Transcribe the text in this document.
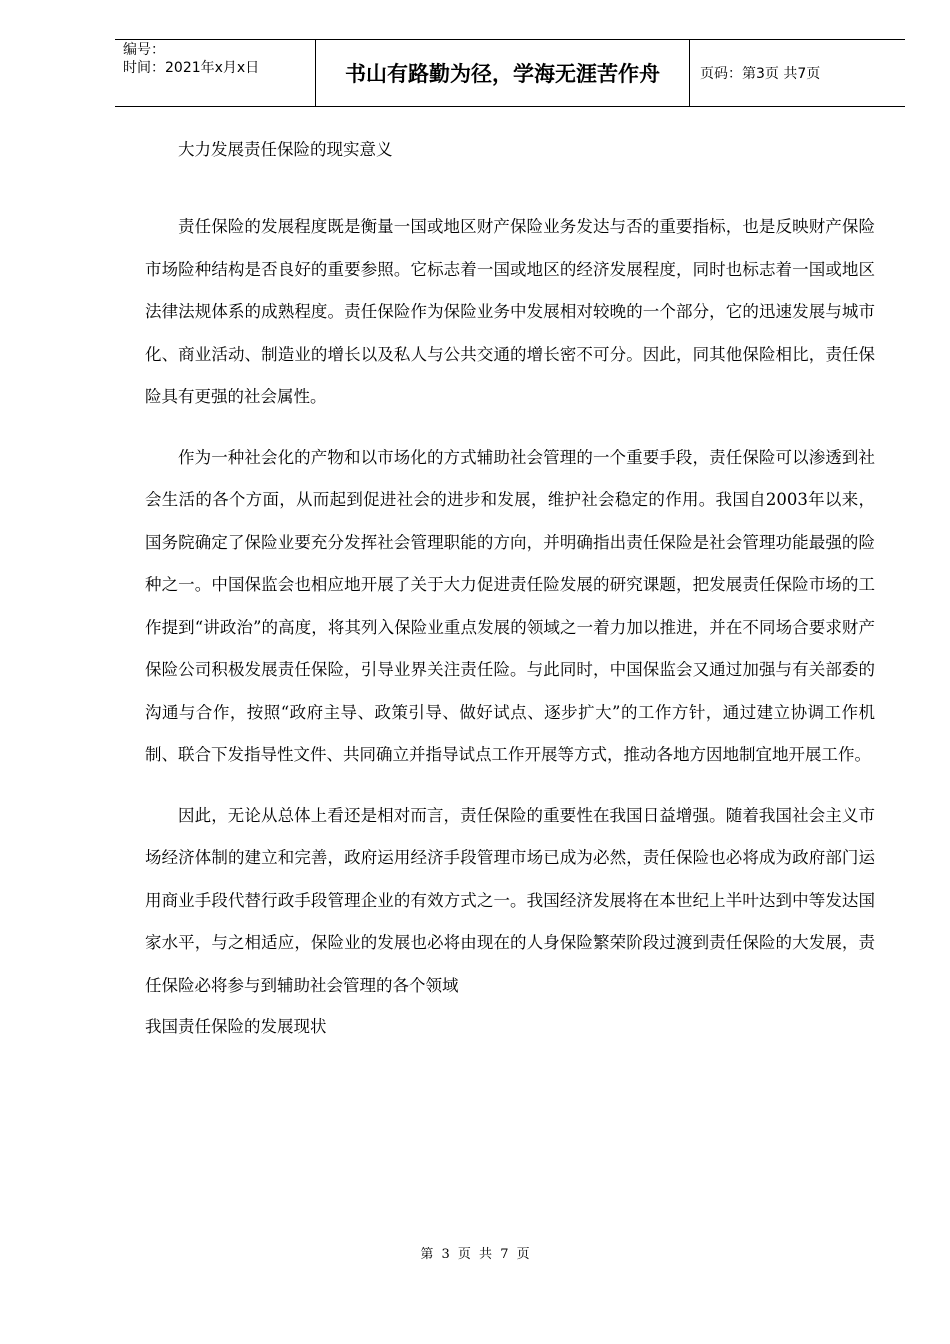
编号：
时间：2021年x月x日	书山有路勤为径，学海无涯苦作舟	页码：第3页 共7页

大力发展责任保险的现实意义

责任保险的发展程度既是衡量一国或地区财产保险业务发达与否的重要指标，也是反映财产保险市场险种结构是否良好的重要参照。它标志着一国或地区的经济发展程度，同时也标志着一国或地区法律法规体系的成熟程度。责任保险作为保险业务中发展相对较晚的一个部分，它的迅速发展与城市化、商业活动、制造业的增长以及私人与公共交通的增长密不可分。因此，同其他保险相比，责任保险具有更强的社会属性。

作为一种社会化的产物和以市场化的方式辅助社会管理的一个重要手段，责任保险可以渗透到社会生活的各个方面，从而起到促进社会的进步和发展，维护社会稳定的作用。我国自2003年以来，国务院确定了保险业要充分发挥社会管理职能的方向，并明确指出责任保险是社会管理功能最强的险种之一。中国保监会也相应地开展了关于大力促进责任险发展的研究课题，把发展责任保险市场的工作提到“讲政治”的高度，将其列入保险业重点发展的领域之一着力加以推进，并在不同场合要求财产保险公司积极发展责任保险，引导业界关注责任险。与此同时，中国保监会又通过加强与有关部委的沟通与合作，按照“政府主导、政策引导、做好试点、逐步扩大”的工作方针，通过建立协调工作机制、联合下发指导性文件、共同确立并指导试点工作开展等方式，推动各地方因地制宜地开展工作。

因此，无论从总体上看还是相对而言，责任保险的重要性在我国日益增强。随着我国社会主义市场经济体制的建立和完善，政府运用经济手段管理市场已成为必然，责任保险也必将成为政府部门运用商业手段代替行政手段管理企业的有效方式之一。我国经济发展将在本世纪上半叶达到中等发达国家水平，与之相适应，保险业的发展也必将由现在的人身保险繁荣阶段过渡到责任保险的大发展，责任保险必将参与到辅助社会管理的各个领域

我国责任保险的发展现状

第 3 页 共 7 页
